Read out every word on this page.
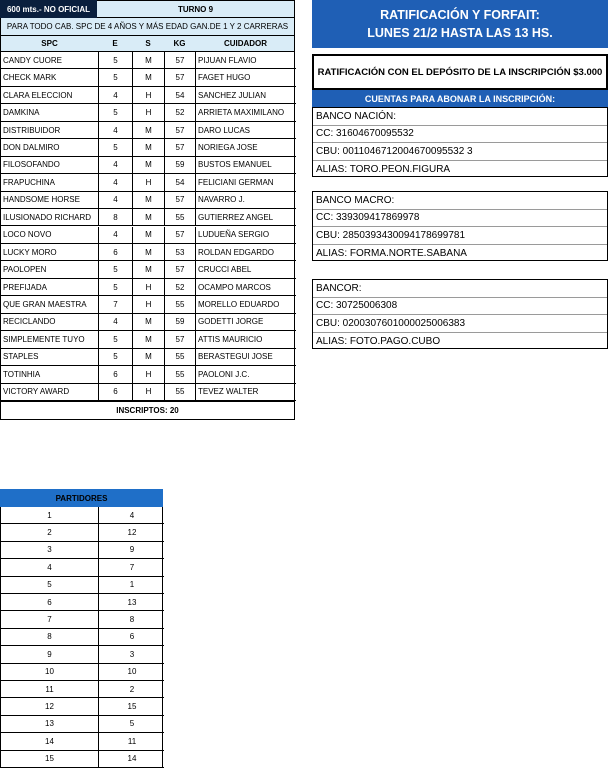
600 mts.- NO OFICIAL	TURNO 9
PARA TODO CAB. SPC DE 4 AÑOS Y MÁS EDAD GAN.DE 1 Y 2 CARRERAS
SPC	E	S	KG	CUIDADOR
CANDY CUORE	5	M	57	PIJUAN FLAVIO
CHECK MARK	5	M	57	FAGET HUGO
CLARA ELECCION	4	H	54	SANCHEZ JULIAN
DAMKINA	5	H	52	ARRIETA MAXIMILANO
DISTRIBUIDOR	4	M	57	DARO LUCAS
DON DALMIRO	5	M	57	NORIEGA JOSE
FILOSOFANDO	4	M	59	BUSTOS EMANUEL
FRAPUCHINA	4	H	54	FELICIANI GERMAN
HANDSOME HORSE	4	M	57	NAVARRO J.
ILUSIONADO RICHARD	8	M	55	GUTIERREZ ANGEL
LOCO NOVO	4	M	57	LUDUEÑA SERGIO
LUCKY MORO	6	M	53	ROLDAN EDGARDO
PAOLOPEN	5	M	57	CRUCCI ABEL
PREFIJADA	5	H	52	OCAMPO MARCOS
QUE GRAN MAESTRA	7	H	55	MORELLO EDUARDO
RECICLANDO	4	M	59	GODETTI JORGE
SIMPLEMENTE TUYO	5	M	57	ATTIS MAURICIO
STAPLES	5	M	55	BERASTEGUI JOSE
TOTINHIA	6	H	55	PAOLONI J.C.
VICTORY AWARD	6	H	55	TEVEZ WALTER
INSCRIPTOS: 20
RATIFICACIÓN Y FORFAIT:
LUNES 21/2 HASTA LAS 13 HS.
RATIFICACIÓN CON EL DEPÓSITO DE LA INSCRIPCIÓN $3.000
CUENTAS PARA ABONAR LA INSCRIPCIÓN:
BANCO NACIÓN:
CC: 31604670095532
CBU: 0011046712004670095532 3
ALIAS: TORO.PEON.FIGURA
BANCO MACRO:
CC: 339309417869978
CBU: 2850393430094178699781
ALIAS: FORMA.NORTE.SABANA
BANCOR:
CC: 30725006308
CBU: 0200307601000025006383
ALIAS: FOTO.PAGO.CUBO
PARTIDORES
1	4
2	12
3	9
4	7
5	1
6	13
7	8
8	6
9	3
10	10
11	2
12	15
13	5
14	11
15	14
